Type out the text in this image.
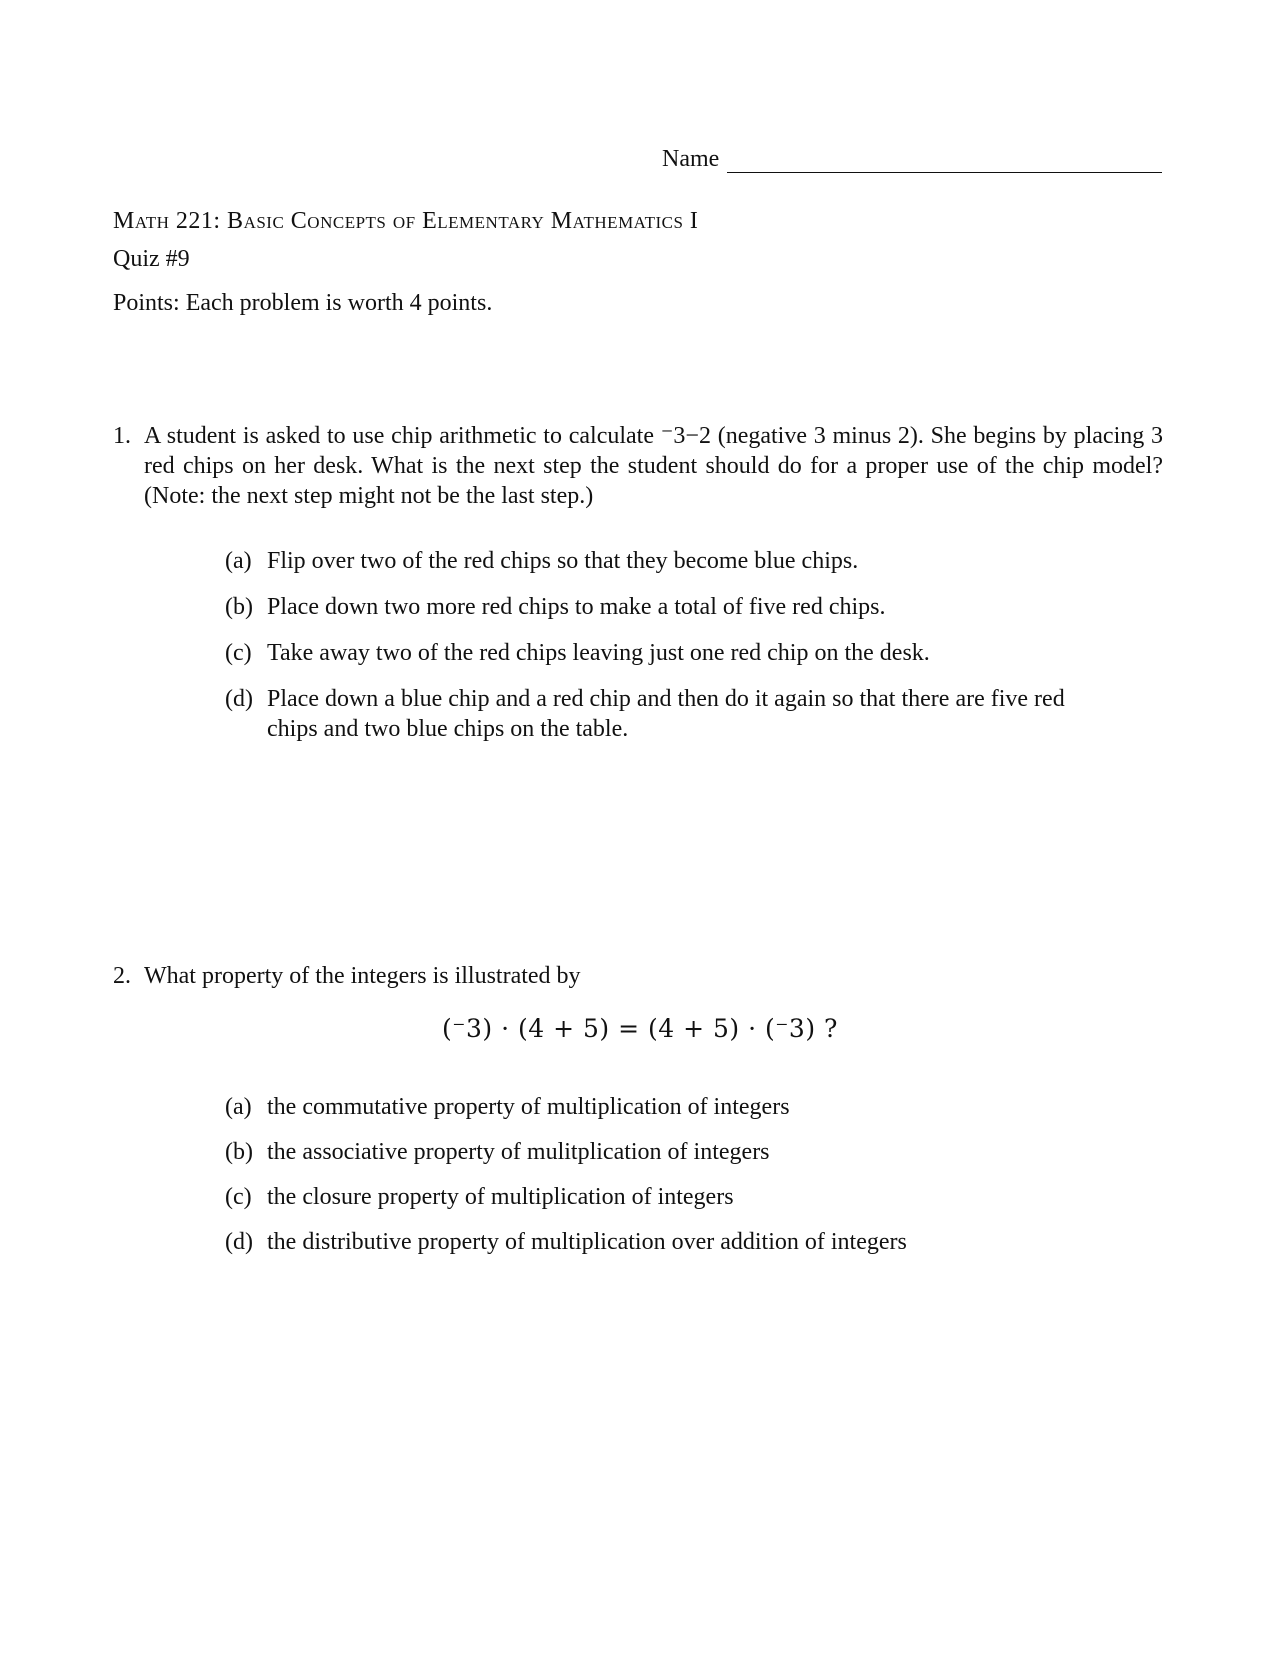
Name
Math 221: Basic Concepts of Elementary Mathematics I
Quiz #9
Points: Each problem is worth 4 points.
1. A student is asked to use chip arithmetic to calculate ⁻3−2 (negative 3 minus 2). She begins by placing 3 red chips on her desk. What is the next step the student should do for a proper use of the chip model? (Note: the next step might not be the last step.)
(a) Flip over two of the red chips so that they become blue chips.
(b) Place down two more red chips to make a total of five red chips.
(c) Take away two of the red chips leaving just one red chip on the desk.
(d) Place down a blue chip and a red chip and then do it again so that there are five red chips and two blue chips on the table.
2. What property of the integers is illustrated by
(⁻3) · (4 + 5) = (4 + 5) · (⁻3) ?
(a) the commutative property of multiplication of integers
(b) the associative property of mulitplication of integers
(c) the closure property of multiplication of integers
(d) the distributive property of multiplication over addition of integers
